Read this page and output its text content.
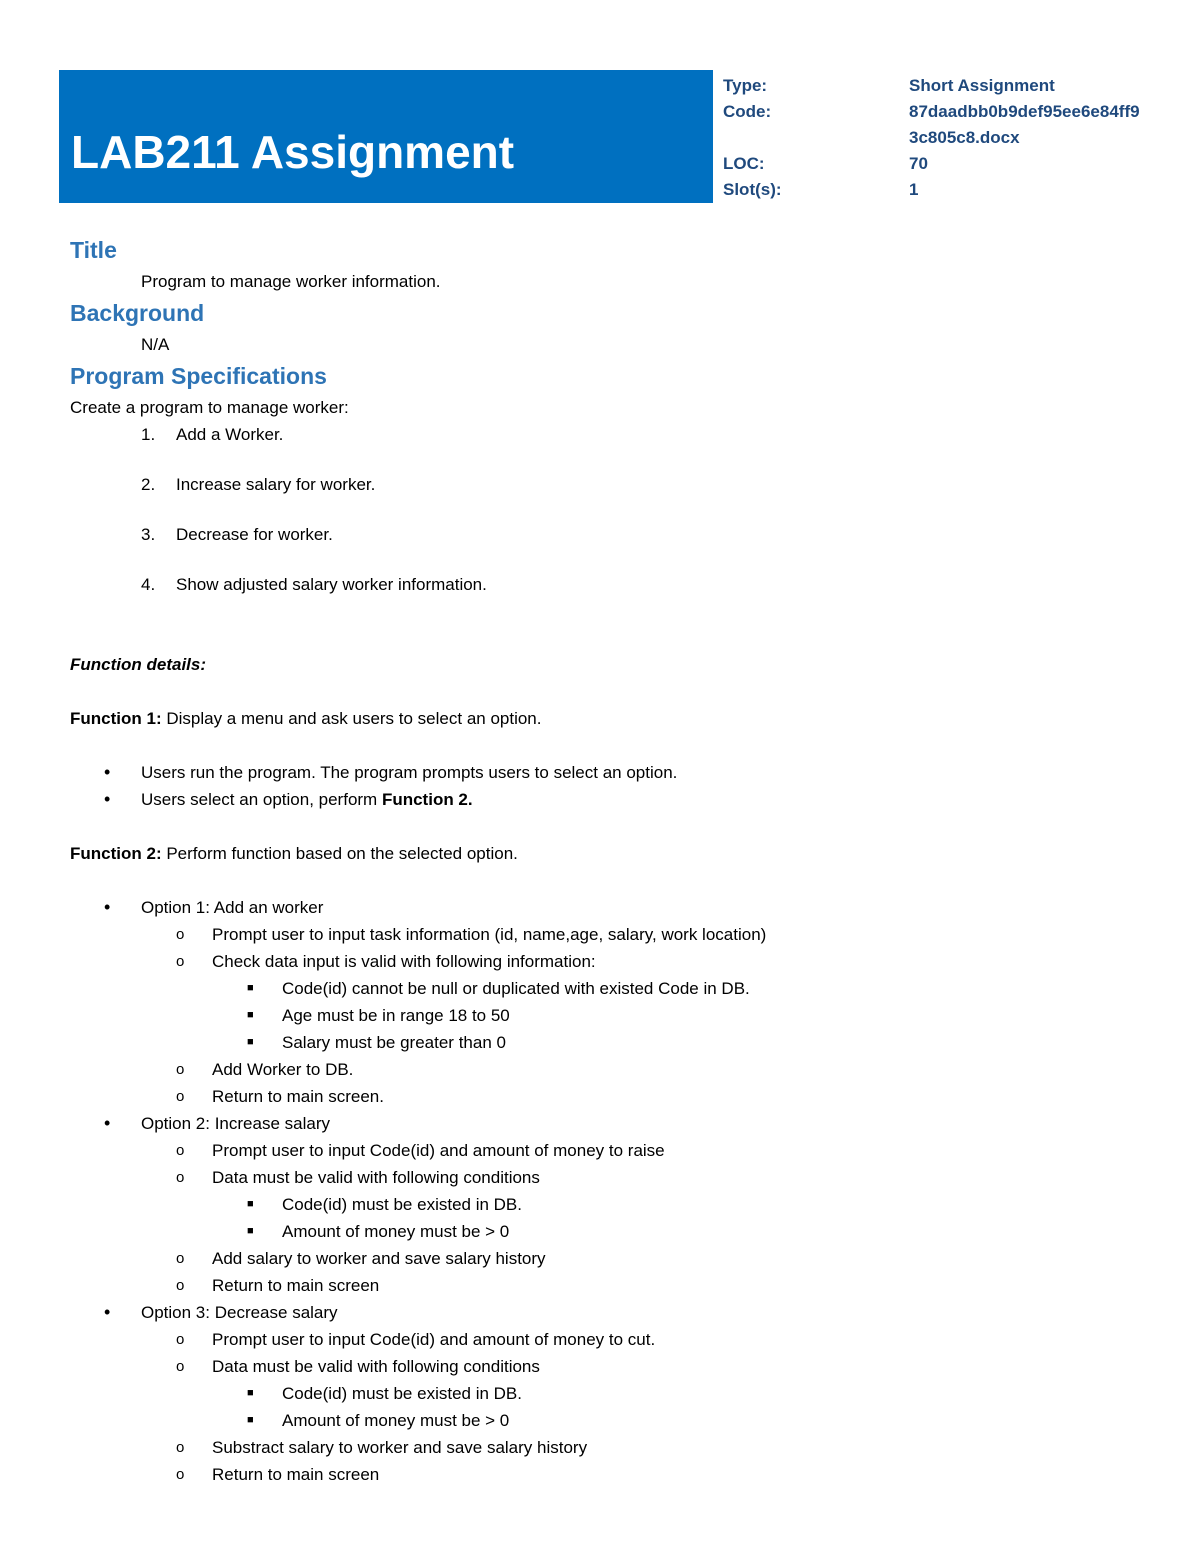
LAB211 Assignment
Type:	Short Assignment
Code:	87daadbb0b9def95ee6e84ff93c805c8.docx
LOC:	70
Slot(s):	1
Title
Program to manage worker information.
Background
N/A
Program Specifications
Create a program to manage worker:
1. Add a Worker.
2. Increase salary for worker.
3. Decrease for worker.
4. Show adjusted salary worker information.
Function details:
Function 1: Display a menu and ask users to select an option.
• Users run the program. The program prompts users to select an option.
• Users select an option, perform Function 2.
Function 2: Perform function based on the selected option.
• Option 1: Add an worker
o Prompt user to input task information (id, name,age, salary, work location)
o Check data input is valid with following information:
■ Code(id) cannot be null or duplicated with existed Code in DB.
■ Age must be in range 18 to 50
■ Salary must be greater than 0
o Add Worker to DB.
o Return to main screen.
• Option 2: Increase salary
o Prompt user to input Code(id) and amount of money to raise
o Data must be valid with following conditions
■ Code(id) must be existed in DB.
■ Amount of money must be > 0
o Add salary to worker and save salary history
o Return to main screen
• Option 3: Decrease salary
o Prompt user to input Code(id) and amount of money to cut.
o Data must be valid with following conditions
■ Code(id) must be existed in DB.
■ Amount of money must be > 0
o Substract salary to worker and save salary history
o Return to main screen
